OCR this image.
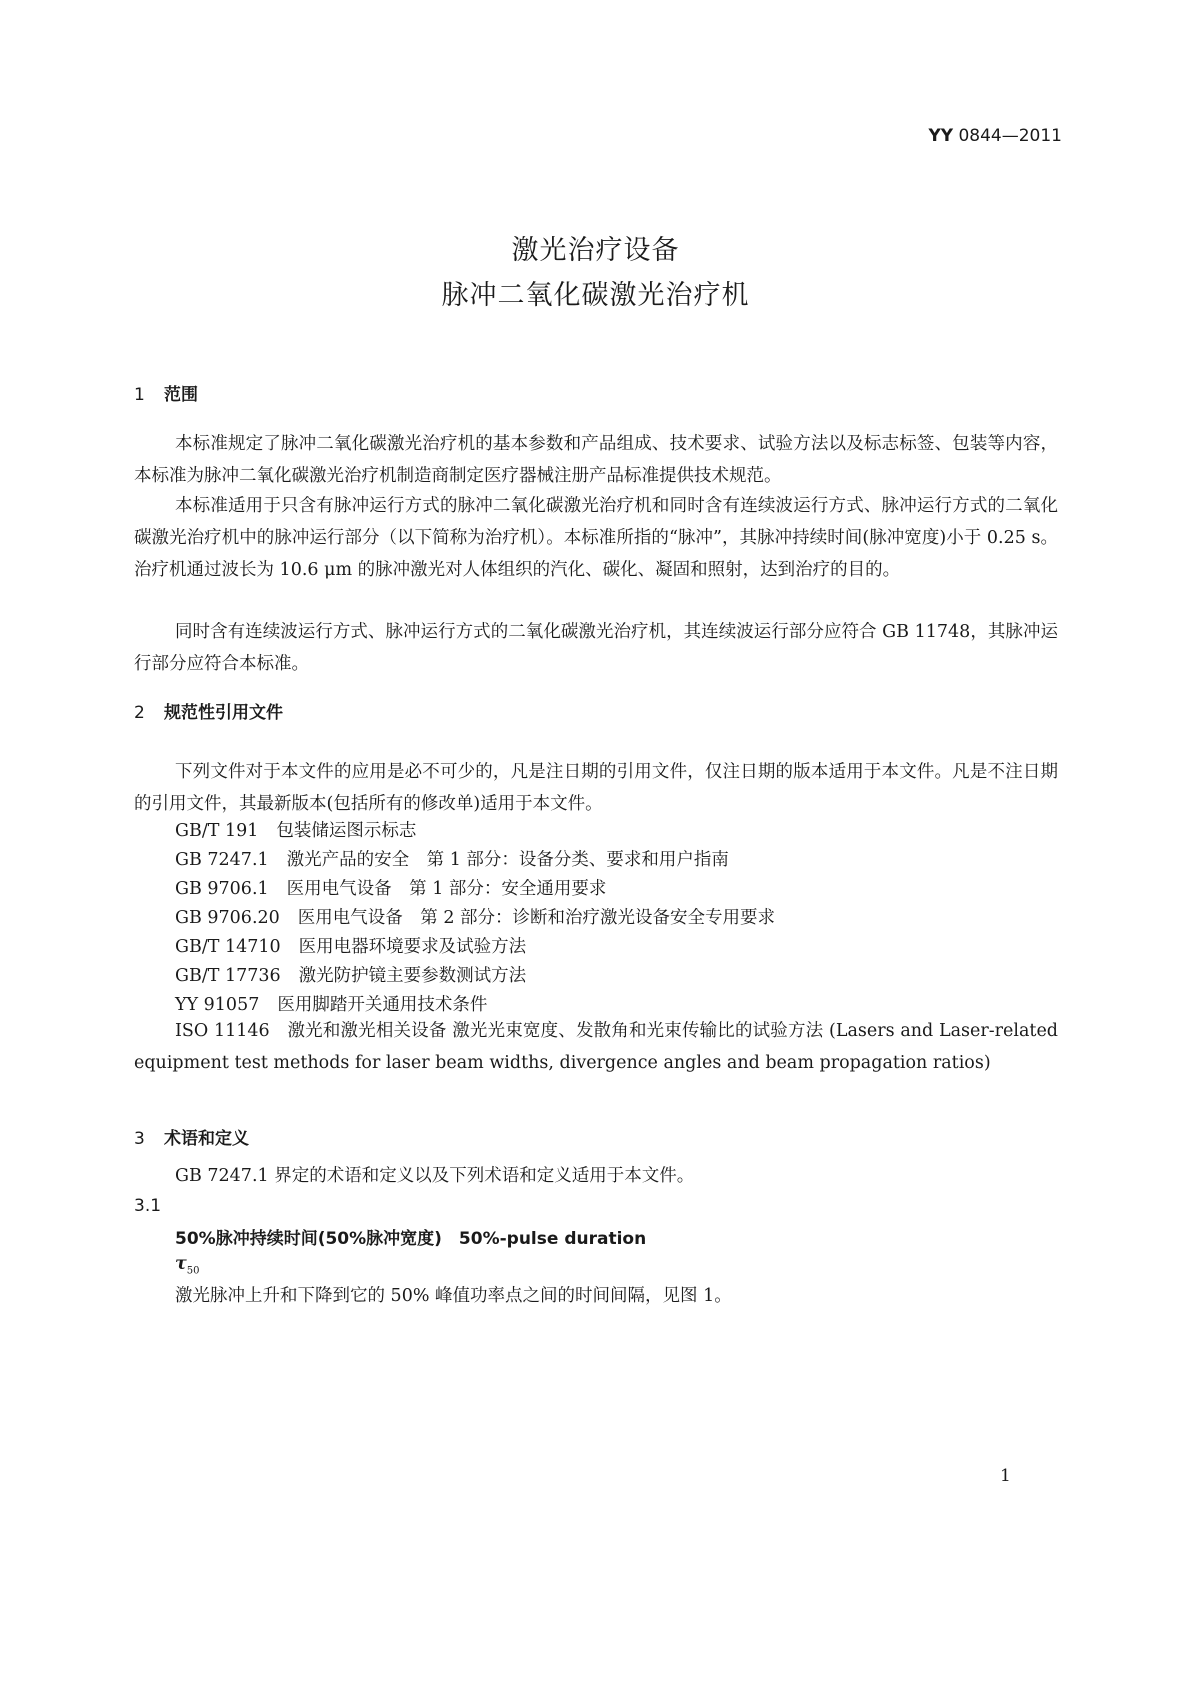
YY 0844—2011
激光治疗设备
脉冲二氧化碳激光治疗机
1 范围
本标准规定了脉冲二氧化碳激光治疗机的基本参数和产品组成、技术要求、试验方法以及标志标签、包装等内容，本标准为脉冲二氧化碳激光治疗机制造商制定医疗器械注册产品标准提供技术规范。
本标准适用于只含有脉冲运行方式的脉冲二氧化碳激光治疗机和同时含有连续波运行方式、脉冲运行方式的二氧化碳激光治疗机中的脉冲运行部分（以下简称为治疗机）。本标准所指的“脉冲”，其脉冲持续时间(脉冲宽度)小于 0.25 s。治疗机通过波长为 10.6 μm 的脉冲激光对人体组织的汽化、碳化、凝固和照射，达到治疗的目的。
同时含有连续波运行方式、脉冲运行方式的二氧化碳激光治疗机，其连续波运行部分应符合 GB 11748，其脉冲运行部分应符合本标准。
2 规范性引用文件
下列文件对于本文件的应用是必不可少的，凡是注日期的引用文件，仅注日期的版本适用于本文件。凡是不注日期的引用文件，其最新版本(包括所有的修改单)适用于本文件。
GB/T 191 包装储运图示标志
GB 7247.1 激光产品的安全　第 1 部分：设备分类、要求和用户指南
GB 9706.1 医用电气设备　第 1 部分：安全通用要求
GB 9706.20 医用电气设备　第 2 部分：诊断和治疗激光设备安全专用要求
GB/T 14710 医用电器环境要求及试验方法
GB/T 17736 激光防护镜主要参数测试方法
YY 91057 医用脚踏开关通用技术条件
ISO 11146　激光和激光相关设备 激光光束宽度、发散角和光束传输比的试验方法 (Lasers and Laser-related equipment test methods for laser beam widths, divergence angles and beam propagation ratios)
3 术语和定义
GB 7247.1 界定的术语和定义以及下列术语和定义适用于本文件。
3.1
50%脉冲持续时间(50%脉冲宽度)　50%-pulse duration
$\tau_{50}$
激光脉冲上升和下降到它的 50% 峰值功率点之间的时间间隔，见图 1。
1
